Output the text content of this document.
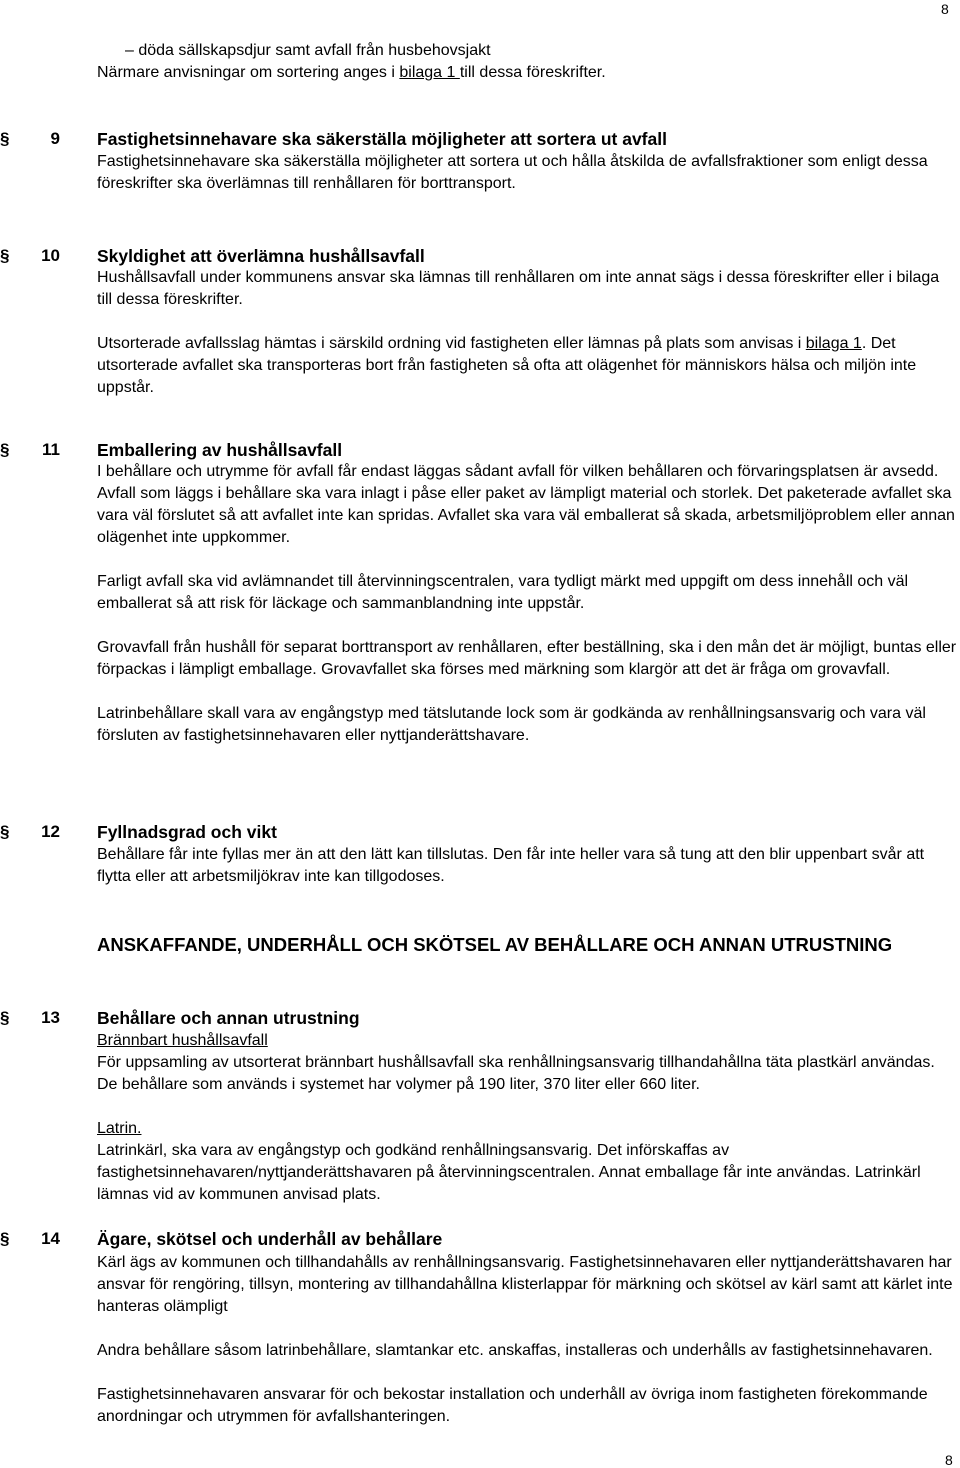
8

– döda sällskapsdjur samt avfall från husbehovsjakt

Närmare anvisningar om sortering anges i bilaga 1 till dessa föreskrifter.

§ 9 Fastighetsinnehavare ska säkerställa möjligheter att sortera ut avfall

Fastighetsinnehavare ska säkerställa möjligheter att sortera ut och hålla åtskilda de avfallsfraktioner som enligt dessa föreskrifter ska överlämnas till renhållaren för borttransport.

§ 10 Skyldighet att överlämna hushållsavfall

Hushållsavfall under kommunens ansvar ska lämnas till renhållaren om inte annat sägs i dessa föreskrifter eller i bilaga till dessa föreskrifter.

Utsorterade avfallsslag hämtas i särskild ordning vid fastigheten eller lämnas på plats som anvisas i bilaga 1. Det utsorterade avfallet ska transporteras bort från fastigheten så ofta att olägenhet för människors hälsa och miljön inte uppstår.

§ 11 Emballering av hushållsavfall

I behållare och utrymme för avfall får endast läggas sådant avfall för vilken behållaren och förvaringsplatsen är avsedd. Avfall som läggs i behållare ska vara inlagt i påse eller paket av lämpligt material och storlek. Det paketerade avfallet ska vara väl förslutet så att avfallet inte kan spridas. Avfallet ska vara väl emballerat så skada, arbetsmiljöproblem eller annan olägenhet inte uppkommer.

Farligt avfall ska vid avlämnandet till återvinningscentralen, vara tydligt märkt med uppgift om dess innehåll och väl emballerat så att risk för läckage och sammanblandning inte uppstår.

Grovavfall från hushåll för separat borttransport av renhållaren, efter beställning, ska i den mån det är möjligt, buntas eller förpackas i lämpligt emballage. Grovavfallet ska förses med märkning som klargör att det är fråga om grovavfall.

Latrinbehållare skall vara av engångstyp med tätslutande lock som är godkända av renhållningsansvarig och vara väl försluten av fastighetsinnehavaren eller nyttjanderättshavare.

§ 12 Fyllnadsgrad och vikt

Behållare får inte fyllas mer än att den lätt kan tillslutas. Den får inte heller vara så tung att den blir uppenbart svår att flytta eller att arbetsmiljökrav inte kan tillgodoses.

ANSKAFFANDE, UNDERHÅLL OCH SKÖTSEL AV BEHÅLLARE OCH ANNAN UTRUSTNING
§ 13 Behållare och annan utrustning

Brännbart hushållsavfall

För uppsamling av utsorterat brännbart hushållsavfall ska renhållningsansvarig tillhandahållna täta plastkärl användas. De behållare som används i systemet har volymer på 190 liter, 370 liter eller 660 liter.

Latrin.

Latrinkärl, ska vara av engångstyp och godkänd renhållningsansvarig. Det införskaffas av fastighetsinnehavaren/nyttjanderättshavaren på återvinningscentralen. Annat emballage får inte användas. Latrinkärl lämnas vid av kommunen anvisad plats.

§ 14 Ägare, skötsel och underhåll av behållare

Kärl ägs av kommunen och tillhandahålls av renhållningsansvarig. Fastighetsinnehavaren eller nyttjanderättshavaren har ansvar för rengöring, tillsyn, montering av tillhandahållna klisterlappar för märkning och skötsel av kärl samt att kärlet inte hanteras olämpligt

Andra behållare såsom latrinbehållare, slamtankar etc. anskaffas, installeras och underhålls av fastighetsinnehavaren.

Fastighetsinnehavaren ansvarar för och bekostar installation och underhåll av övriga inom fastigheten förekommande anordningar och utrymmen för avfallshanteringen.

8
